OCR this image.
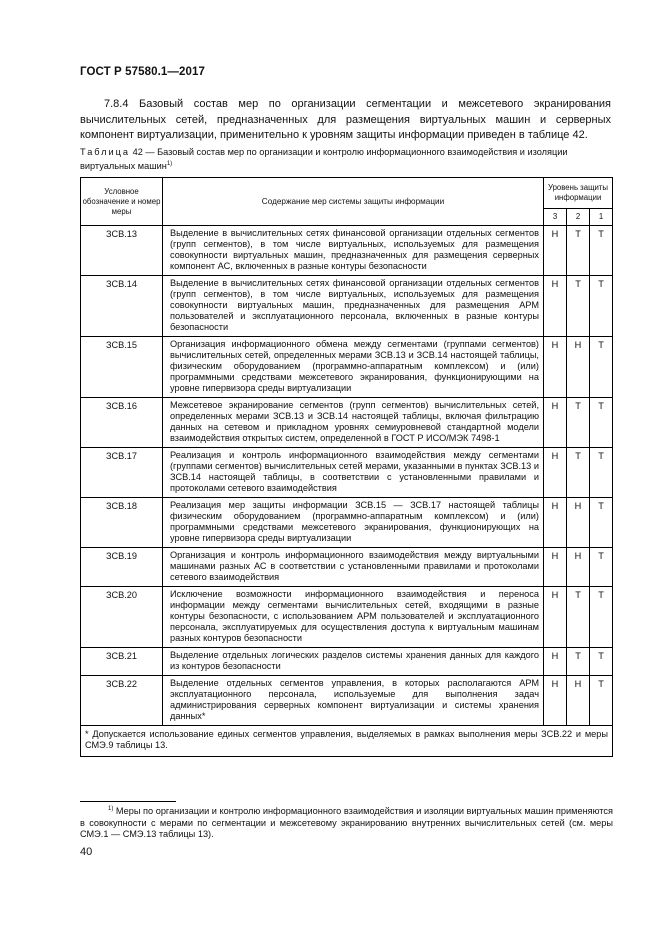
ГОСТ Р 57580.1—2017
7.8.4 Базовый состав мер по организации сегментации и межсетевого экранирования вычислительных сетей, предназначенных для размещения виртуальных машин и серверных компонент виртуализации, применительно к уровням защиты информации приведен в таблице 42.
Таблица 42 — Базовый состав мер по организации и контролю информационного взаимодействия и изоляции виртуальных машин$^{1)}$
Условное обозначение и номер меры	Содержание мер системы защиты информации	Уровень защиты информации		
		3	2	1
ЗСВ.13	Выделение в вычислительных сетях финансовой организации отдельных сегментов (групп сегментов), в том числе виртуальных, используемых для размещения совокупности виртуальных машин, предназначенных для размещения серверных компонент АС, включенных в разные контуры безопасности	Н	Т	Т
ЗСВ.14	Выделение в вычислительных сетях финансовой организации отдельных сегментов (групп сегментов), в том числе виртуальных, используемых для размещения совокупности виртуальных машин, предназначенных для размещения АРМ пользователей и эксплуатационного персонала, включенных в разные контуры безопасности	Н	Т	Т
ЗСВ.15	Организация информационного обмена между сегментами (группами сегментов) вычислительных сетей, определенных мерами ЗСВ.13 и ЗСВ.14 настоящей таблицы, физическим оборудованием (программно-аппаратным комплексом) и (или) программными средствами межсетевого экранирования, функционирующими на уровне гипервизора среды виртуализации	Н	Н	Т
ЗСВ.16	Межсетевое экранирование сегментов (групп сегментов) вычислительных сетей, определенных мерами ЗСВ.13 и ЗСВ.14 настоящей таблицы, включая фильтрацию данных на сетевом и прикладном уровнях семиуровневой стандартной модели взаимодействия открытых систем, определенной в ГОСТ Р ИСО/МЭК 7498-1	Н	Т	Т
ЗСВ.17	Реализация и контроль информационного взаимодействия между сегментами (группами сегментов) вычислительных сетей мерами, указанными в пунктах ЗСВ.13 и ЗСВ.14 настоящей таблицы, в соответствии с установленными правилами и протоколами сетевого взаимодействия	Н	Т	Т
ЗСВ.18	Реализация мер защиты информации ЗСВ.15 — ЗСВ.17 настоящей таблицы физическим оборудованием (программно-аппаратным комплексом) и (или) программными средствами межсетевого экранирования, функционирующих на уровне гипервизора среды виртуализации	Н	Н	Т
ЗСВ.19	Организация и контроль информационного взаимодействия между виртуальными машинами разных АС в соответствии с установленными правилами и протоколами сетевого взаимодействия	Н	Н	Т
ЗСВ.20	Исключение возможности информационного взаимодействия и переноса информации между сегментами вычислительных сетей, входящими в разные контуры безопасности, с использованием АРМ пользователей и эксплуатационного персонала, эксплуатируемых для осуществления доступа к виртуальным машинам разных контуров безопасности	Н	Т	Т
ЗСВ.21	Выделение отдельных логических разделов системы хранения данных для каждого из контуров безопасности	Н	Т	Т
ЗСВ.22	Выделение отдельных сегментов управления, в которых располагаются АРМ эксплуатационного персонала, используемые для выполнения задач администрирования серверных компонент виртуализации и системы хранения данных*	Н	Н	Т
* Допускается использование единых сегментов управления, выделяемых в рамках выполнения меры ЗСВ.22 и меры СМЭ.9 таблицы 13.				
$^{1)}$ Меры по организации и контролю информационного взаимодействия и изоляции виртуальных машин применяются в совокупности с мерами по сегментации и межсетевому экранированию внутренних вычислительных сетей (см. меры СМЭ.1 — СМЭ.13 таблицы 13).
40
